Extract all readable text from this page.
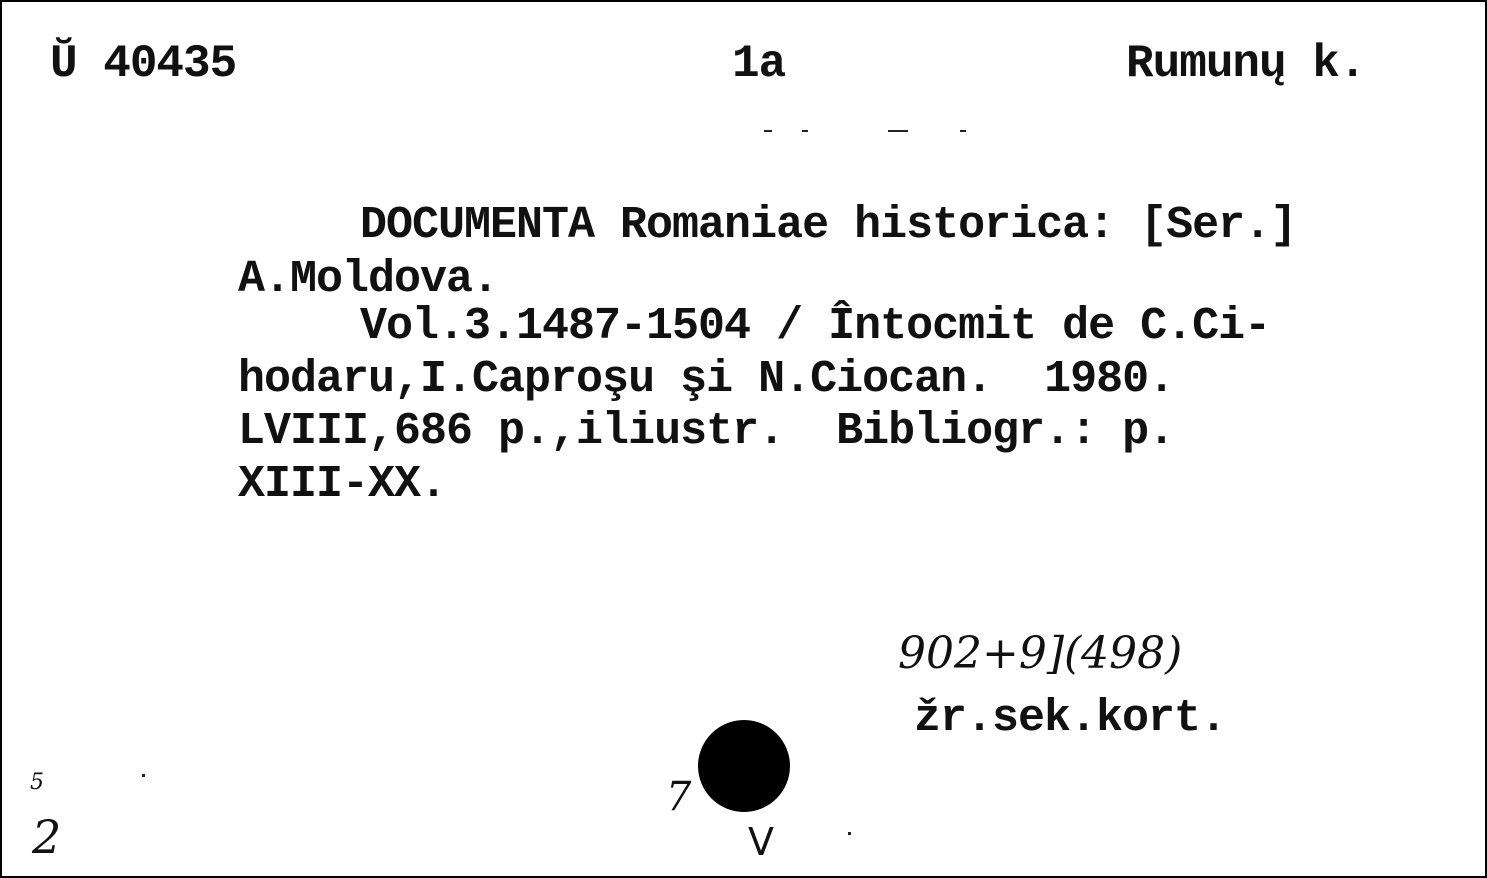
Ŭ 40435	1a	Rumunų k.
DOCUMENTA Romaniae historica: [Ser.]
A.Moldova.
Vol.3.1487-1504 / Întocmit de C.Ci-
hodaru,I.Caproşu şi N.Ciocan.  1980.
LVIII,686 p.,iliustr.  Bibliogr.: p.
XIII-XX.
902+9](498)
žr.sek.kort.
7
V
5
2
